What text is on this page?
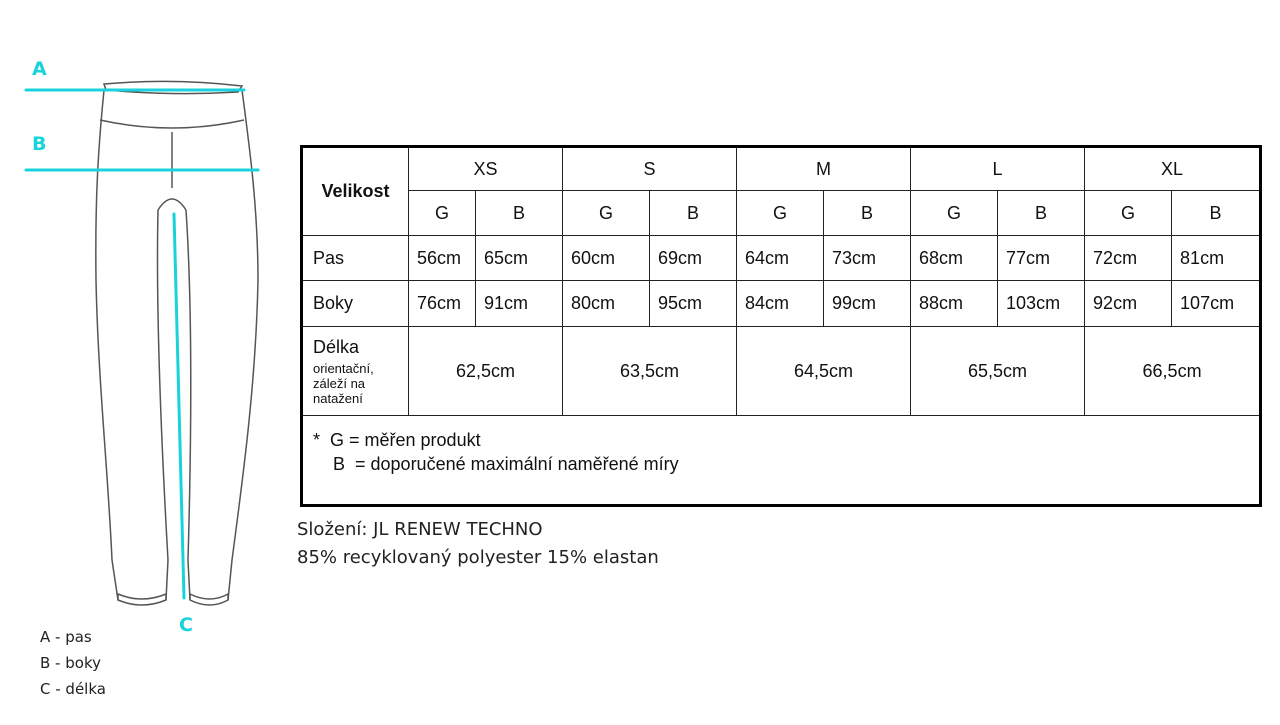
A
B
C
A - pas
B - boky
C - délka
Velikost	XS		S		M		L		XL	
	G	B	G	B	G	B	G	B	G	B
Pas	56cm	65cm	60cm	69cm	64cm	73cm	68cm	77cm	72cm	81cm
Boky	76cm	91cm	80cm	95cm	84cm	99cm	88cm	103cm	92cm	107cm
Délka
orientační, záleží na natažení	62,5cm		63,5cm		64,5cm		65,5cm		66,5cm	

*  G = měřen produkt
B  = doporučené maximální naměřené míry										
Složení: JL RENEW TECHNO
85% recyklovaný polyester 15% elastan
